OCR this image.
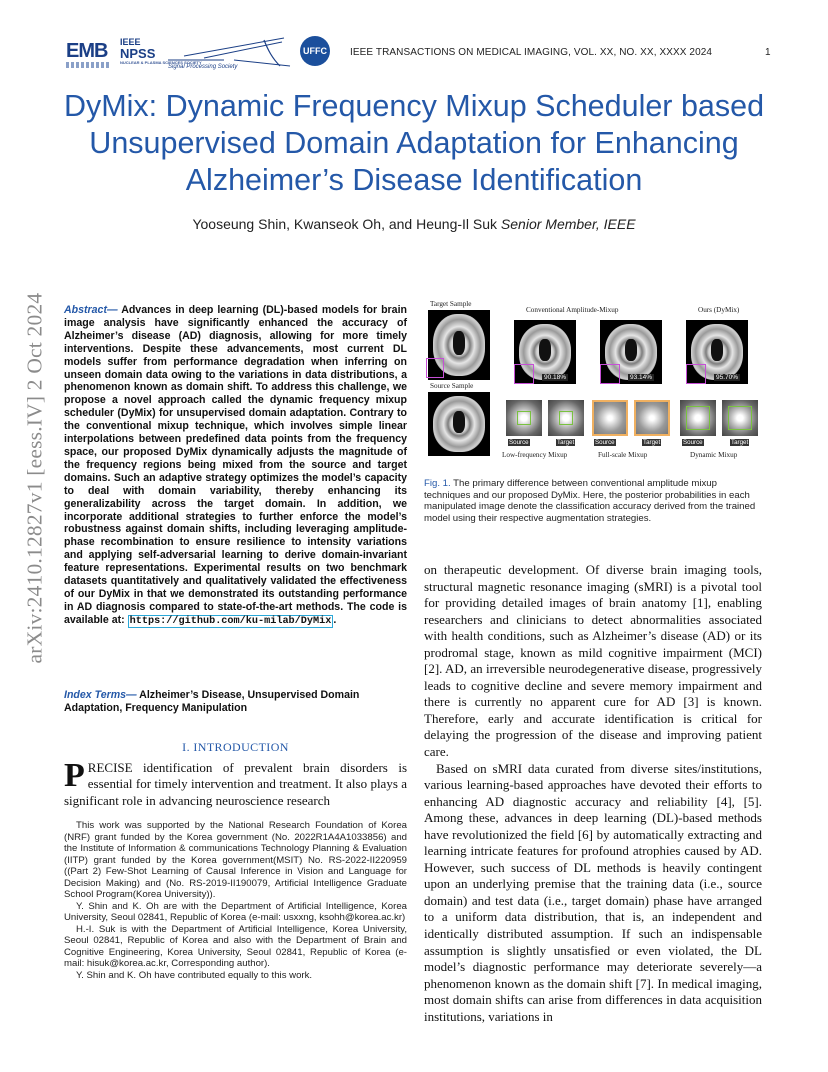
EMB IEEE
NPSS
NUCLEAR & PLASMA SCIENCES SOCIETY
Signal Processing Society
UFFC	IEEE TRANSACTIONS ON MEDICAL IMAGING, VOL. XX, NO. XX, XXXX 2024	1
DyMix: Dynamic Frequency Mixup Scheduler based Unsupervised Domain Adaptation for Enhancing Alzheimer’s Disease Identification
Yooseung Shin, Kwanseok Oh, and Heung-Il Suk Senior Member, IEEE
arXiv:2410.12827v1 [eess.IV] 2 Oct 2024 Abstract— Advances in deep learning (DL)-based models for brain image analysis have significantly enhanced the accuracy of Alzheimer’s disease (AD) diagnosis, allowing for more timely interventions. Despite these advancements, most current DL models suffer from performance degradation when inferring on unseen domain data owing to the variations in data distributions, a phenomenon known as domain shift. To address this challenge, we propose a novel approach called the dynamic frequency mixup scheduler (DyMix) for unsupervised domain adaptation. Contrary to the conventional mixup technique, which involves simple linear interpolations between predefined data points from the frequency space, our proposed DyMix dynamically adjusts the magnitude of the frequency regions being mixed from the source and target domains. Such an adaptive strategy optimizes the model’s capacity to deal with domain variability, thereby enhancing its generalizability across the target domain. In addition, we incorporate additional strategies to further enforce the model’s robustness against domain shifts, including leveraging amplitude-phase recombination to ensure resilience to intensity variations and applying self-adversarial learning to derive domain-invariant feature representations. Experimental results on two benchmark datasets quantitatively and qualitatively validated the effectiveness of our DyMix in that we demonstrated its outstanding performance in AD diagnosis compared to state-of-the-art methods. The code is available at: https://github.com/ku-milab/DyMix .
Index Terms— Alzheimer’s Disease, Unsupervised Domain Adaptation, Frequency Manipulation
I. INTRODUCTION
PRECISE identification of prevalent brain disorders is essential for timely intervention and treatment. It also plays a significant role in advancing neuroscience research

This work was supported by the National Research Foundation of Korea (NRF) grant funded by the Korea government (No. 2022R1A4A1033856) and the Institute of Information & communications Technology Planning & Evaluation (IITP) grant funded by the Korea government(MSIT) No. RS-2022-II220959 ((Part 2) Few-Shot Learning of Causal Inference in Vision and Language for Decision Making) and (No. RS-2019-II190079, Artificial Intelligence Graduate School Program(Korea University)).

Y. Shin and K. Oh are with the Department of Artificial Intelligence, Korea University, Seoul 02841, Republic of Korea (e-mail: usxxng, ksohh@korea.ac.kr)

H.-I. Suk is with the Department of Artificial Intelligence, Korea University, Seoul 02841, Republic of Korea and also with the Department of Brain and Cognitive Engineering, Korea University, Seoul 02841, Republic of Korea (e-mail: hisuk@korea.ac.kr, Corresponding author).

Y. Shin and K. Oh have contributed equally to this work.

Target Sample
Source Sample
Conventional Amplitude-Mixup	Ours (DyMix)
90.18%	93.14%	95.70%
Source	Target	Source	Target	Source	Target
Low-frequency Mixup	Full-scale Mixup	Dynamic Mixup
Fig. 1. The primary difference between conventional amplitude mixup techniques and our proposed DyMix. Here, the posterior probabilities in each manipulated image denote the classification accuracy derived from the trained model using their respective augmentation strategies.

on therapeutic development. Of diverse brain imaging tools, structural magnetic resonance imaging (sMRI) is a pivotal tool for providing detailed images of brain anatomy [1], enabling researchers and clinicians to detect abnormalities associated with health conditions, such as Alzheimer’s disease (AD) or its prodromal stage, known as mild cognitive impairment (MCI) [2]. AD, an irreversible neurodegenerative disease, progressively leads to cognitive decline and severe memory impairment and there is currently no apparent cure for AD [3] is known. Therefore, early and accurate identification is critical for delaying the progression of the disease and improving patient care.

Based on sMRI data curated from diverse sites/institutions, various learning-based approaches have devoted their efforts to enhancing AD diagnostic accuracy and reliability [4], [5]. Among these, advances in deep learning (DL)-based methods have revolutionized the field [6] by automatically extracting and learning intricate features for profound atrophies caused by AD. However, such success of DL methods is heavily contingent upon an underlying premise that the training data (i.e., source domain) and test data (i.e., target domain) phase have arranged to a uniform data distribution, that is, an independent and identically distributed assumption. If such an indispensable assumption is slightly unsatisfied or even violated, the DL model’s diagnostic performance may deteriorate severely—a phenomenon known as the domain shift [7]. In medical imaging, most domain shifts can arise from differences in data acquisition institutions, variations in
